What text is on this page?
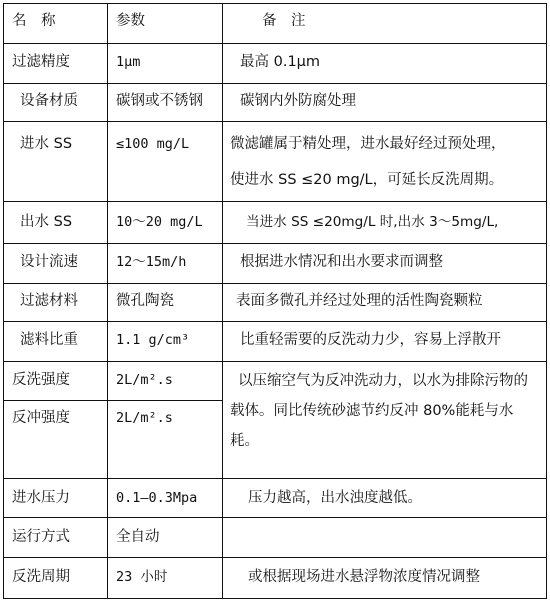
名　称	参数	备　注
过滤精度	1μm	最高 0.1μm
设备材质	碳钢或不锈钢	碳钢内外防腐处理
进水 SS	≤100 mg/L	微滤罐属于精处理，进水最好经过预处理，
使进水 SS ≤20 mg/L，可延长反洗周期。
出水 SS	10～20 mg/L	当进水 SS ≤20mg/L 时,出水 3～5mg/L,
设计流速	12～15m/h	根据进水情况和出水要求而调整
过滤材料	微孔陶瓷	表面多微孔并经过处理的活性陶瓷颗粒
滤料比重	1.1 g/cm³	比重轻需要的反洗动力少，容易上浮散开
反洗强度	2L/m².s
反冲强度	2L/m².s
以压缩空气为反冲洗动力，以水为排除污物的载体。同比传统砂滤节约反冲 80%能耗与水耗。
进水压力	0.1—0.3Mpa	压力越高，出水浊度越低。
运行方式	全自动
反洗周期	23 小时	或根据现场进水悬浮物浓度情况调整
